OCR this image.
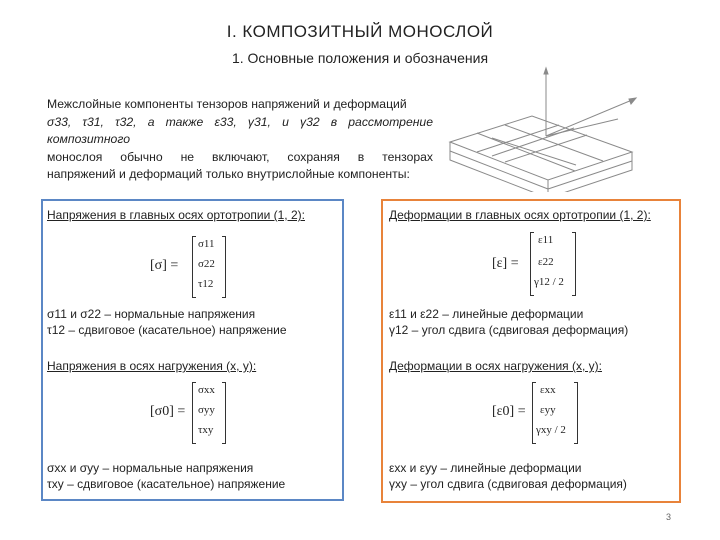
I. КОМПОЗИТНЫЙ МОНОСЛОЙ
1. Основные положения и обозначения
Межслойные компоненты тензоров напряжений и деформаций
σ33, τ31, τ32, а также ε33, γ31, и γ32 в рассмотрение композитного
монослоя обычно не включают, сохраняя в тензорах
напряжений и деформаций только внутрислойные компоненты:
Напряжения в главных осях ортотропии (1, 2):
[σ] =
σ11
σ22
τ12
σ11 и σ22 – нормальные напряжения
τ12 – сдвиговое (касательное) напряжение
Напряжения в осях нагружения (x, y):
[σ0] =
σxx
σyy
τxy
σxx и σyy – нормальные напряжения
τxy – сдвиговое (касательное) напряжение
Деформации в главных осях ортотропии (1, 2):
[ε] =
ε11
ε22
γ12 / 2
ε11 и ε22 – линейные деформации
γ12 – угол сдвига (сдвиговая деформация)
Деформации в осях нагружения (x, y):
[ε0] =
εxx
εyy
γxy / 2
εxx и εyy – линейные деформации
γxy – угол сдвига (сдвиговая деформация)
3
